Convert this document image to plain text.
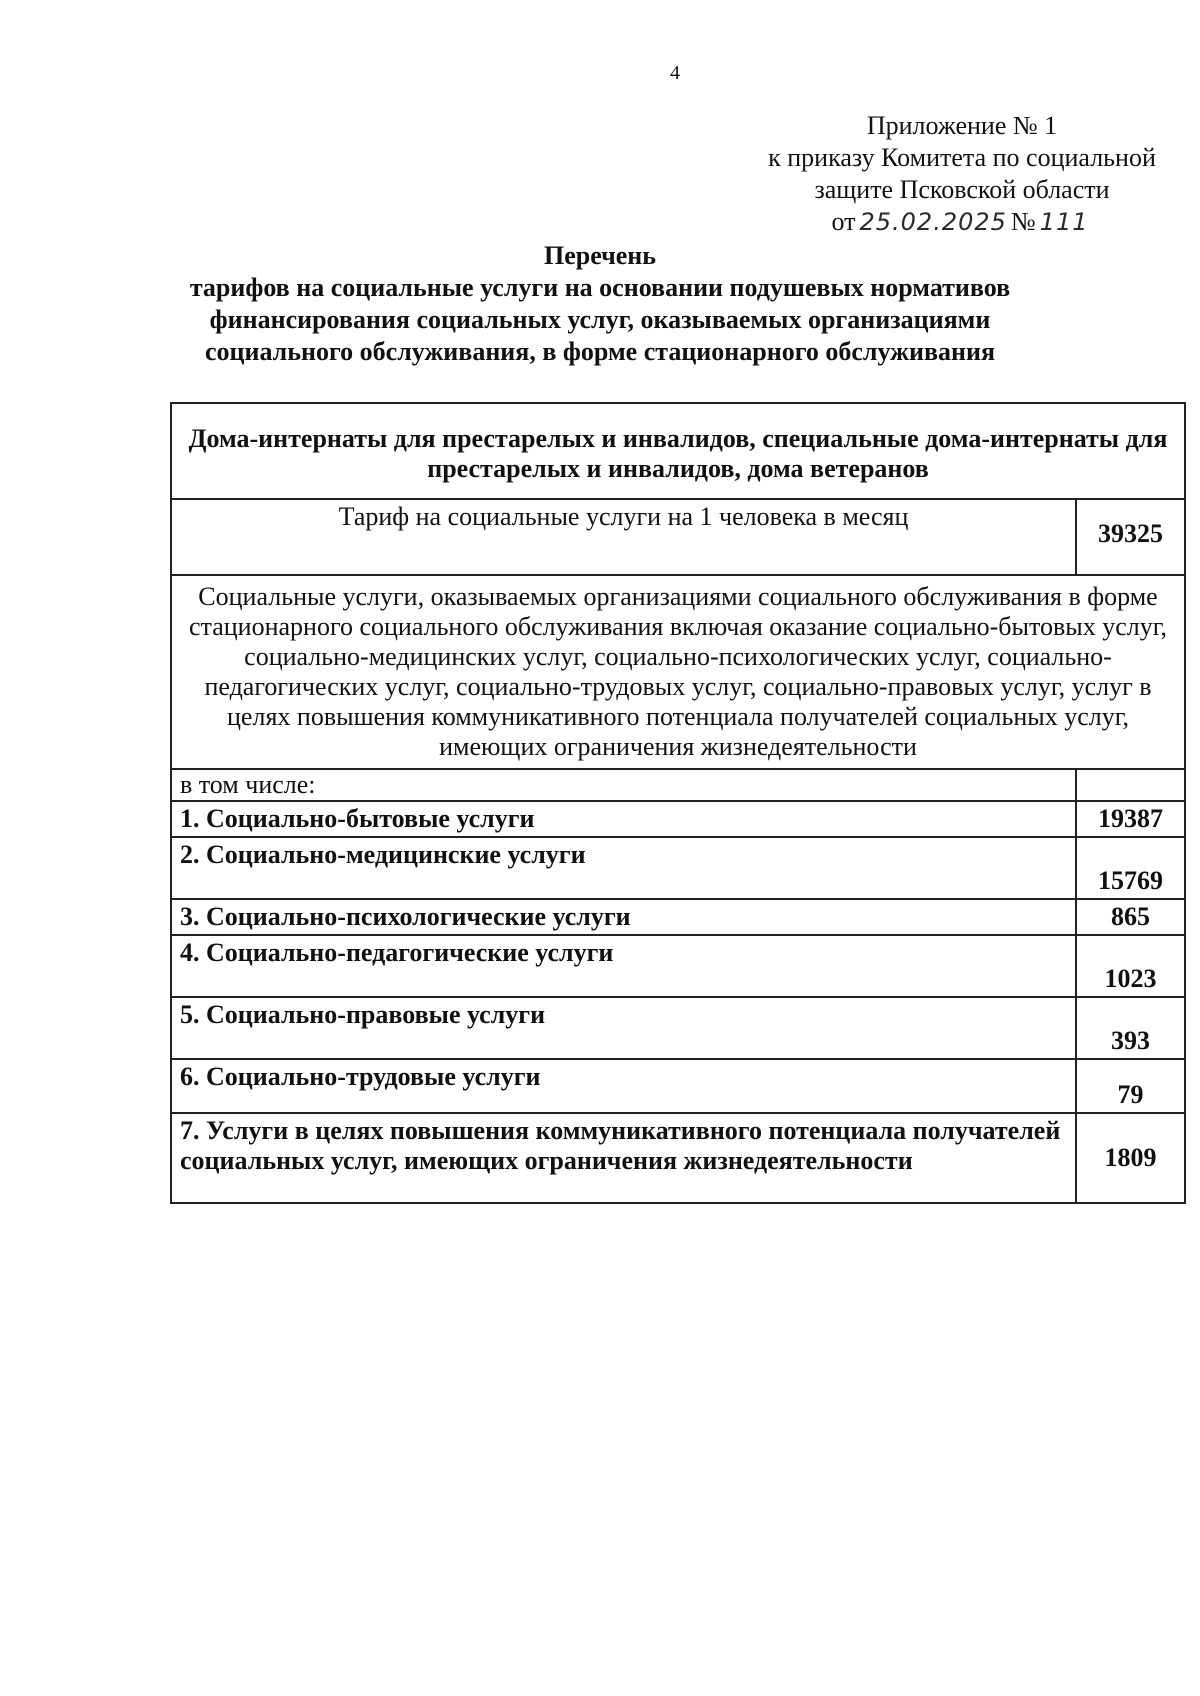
4
Приложение № 1
к приказу Комитета по социальной
защите Псковской области
от 25.02.2025 № 111
Перечень
тарифов на социальные услуги на основании подушевых нормативов
финансирования социальных услуг, оказываемых организациями
социального обслуживания, в форме стационарного обслуживания
Дома-интернаты для престарелых и инвалидов, специальные дома-интернаты для престарелых и инвалидов, дома ветеранов	
Тариф на социальные услуги на 1 человека в месяц	39325
Социальные услуги, оказываемых организациями социального обслуживания в форме стационарного социального обслуживания включая оказание социально-бытовых услуг, социально-медицинских услуг, социально-психологических услуг, социально-педагогических услуг, социально-трудовых услуг, социально-правовых услуг, услуг в целях повышения коммуникативного потенциала получателей социальных услуг, имеющих ограничения жизнедеятельности	
в том числе:	
1. Социально-бытовые услуги	19387
2. Социально-медицинские услуги	15769
3. Социально-психологические услуги	865
4. Социально-педагогические услуги	1023
5. Социально-правовые услуги	393
6. Социально-трудовые услуги	79
7. Услуги в целях повышения коммуникативного потенциала получателей социальных услуг, имеющих ограничения жизнедеятельности	1809
